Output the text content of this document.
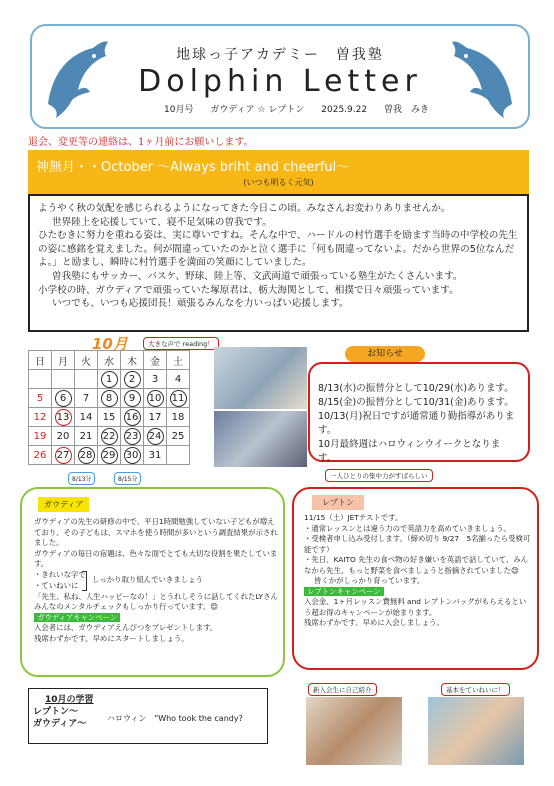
地球っ子アカデミー　曽我塾
Dolphin Letter
10月号 ガウディア ☆ レプトン 2025.9.22 曽我　みき
退会、変更等の連絡は、1ヶ月前にお願いします。
神無月・・October ～Always briht and cheerful～
(いつも明るく元気)

ようやく秋の気配を感じられるようになってきた今日この頃。みなさんお変わりありませんか。

世界陸上を応援していて、寝不足気味の曽我です。

ひたむきに努力を重ねる姿は、実に尊いですね。そんな中で、ハードルの村竹選手を励ます当時の中学校の先生の姿に感銘を覚えました。何が間違っていたのかと泣く選手に「何も間違ってないよ。だから世界の5位なんだよ。」と励まし、瞬時に村竹選手を満面の笑顔にしていました。

曽我塾にもサッカー、バスケ、野球、陸上等、文武両道で頑張っている塾生がたくさんいます。

小学校の時、ガウディアで頑張っていた塚原君は、栃大海関として、相撲で日々頑張っています。

いつでも、いつも応援団長！頑張るみんなを力いっぱい応援します。

10月	大きな声で reading！
日	月	火	水	木	金	土
			1	2	3	4
5	6	7	8	9	10	11
12	13	14	15	16	17	18
19	20	21	22	23	24	25
26	27	28	29	30	31	
8/13分	8/15分	一人ひとりの集中力がすばらしい

8/13(水)の振替分として10/29(水)あります。

8/15(金)の振替分として10/31(金)あります。

10/13(月)祝日ですが通常通り勤指導があります。

10月最終週はハロウィンウイークとなります。

お知らせ
ガウディア

ガウディアの先生の研修の中で、平日1時間勉強していない子どもが増えており、その子どもは、スマホを使う時間が多いという調査結果が示されました。

ガウディアの毎日の宿題は、色々な面でとても大切な役割を果たしています。

・きれいな字で

・ていねいに

しっかり取り組んでいきましょう

「先生、私ね、人生ハッピーなの！」とうれしそうに話してくれたLYさん

みんなのメンタルチェックもしっかり行っています。😊

ガウディアキャンペーン

入会者には、ガウディアえんぴつをプレゼントします。

残席わずかです。早めにスタートしましょう。

レプトン

11/15（土）JETテストです。

・通常レッスンとは違う力ので英語力を高めていきましょう。

・受検者申し込み受付します。（締め切り 9/27　5名揃ったら受検可能です）

・先日、KAITO 先生の食べ物の好き嫌いを英語で話していて、みんなから先生、もっと野菜を食べましょうと指摘されていました😊

皆くかがしっかり育っています。

レプトンキャンペーン

入会金、1ヶ月レッスン費無料 and レプトンバッグがもらえるという超お得のキャンペーンが始まります。

残席わずかです。早めに入会しましょう。

10月の学習
レプトン～
ガウディア～
ハロウィン　"Who took the candy?
新入会生に自己紹介	基本をていねいに！
